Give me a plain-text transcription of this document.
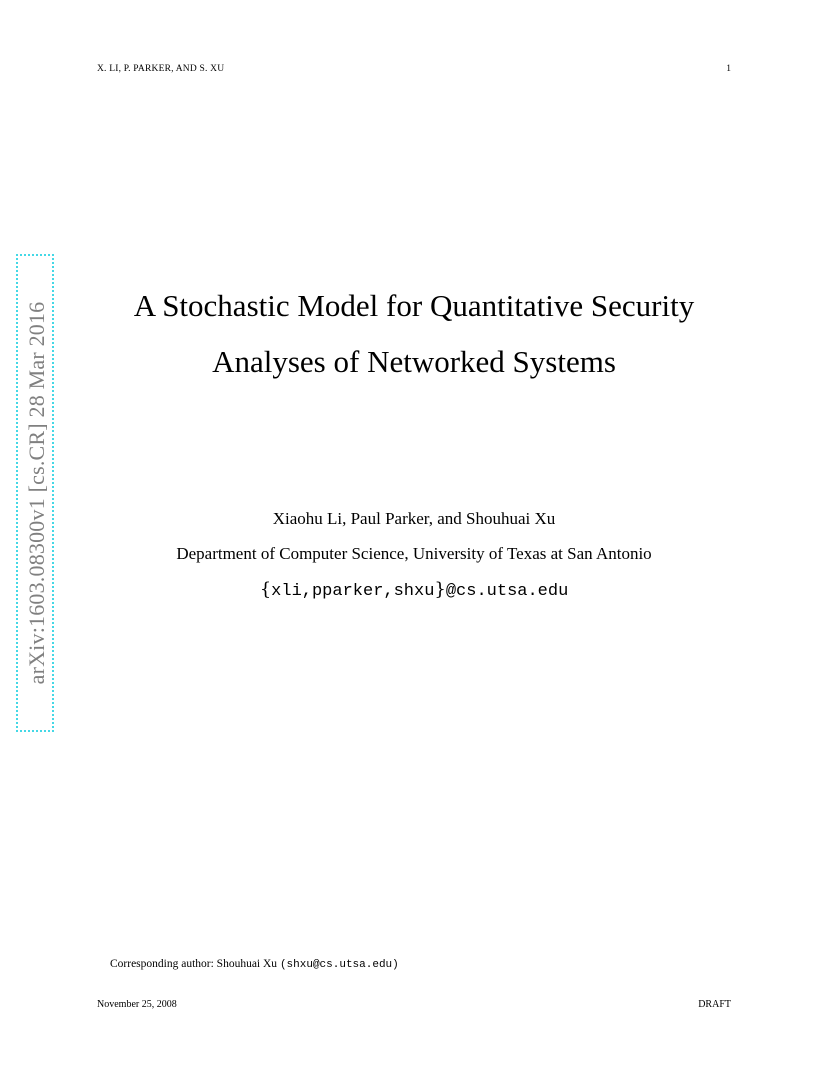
X. LI, P. PARKER, AND S. XU	1
arXiv:1603.08300v1 [cs.CR] 28 Mar 2016	A Stochastic Model for Quantitative Security
Analyses of Networked Systems
Xiaohu Li, Paul Parker, and Shouhuai Xu
Department of Computer Science, University of Texas at San Antonio
{xli,pparker,shxu}@cs.utsa.edu
Corresponding author: Shouhuai Xu (shxu@cs.utsa.edu)
November 25, 2008	DRAFT
